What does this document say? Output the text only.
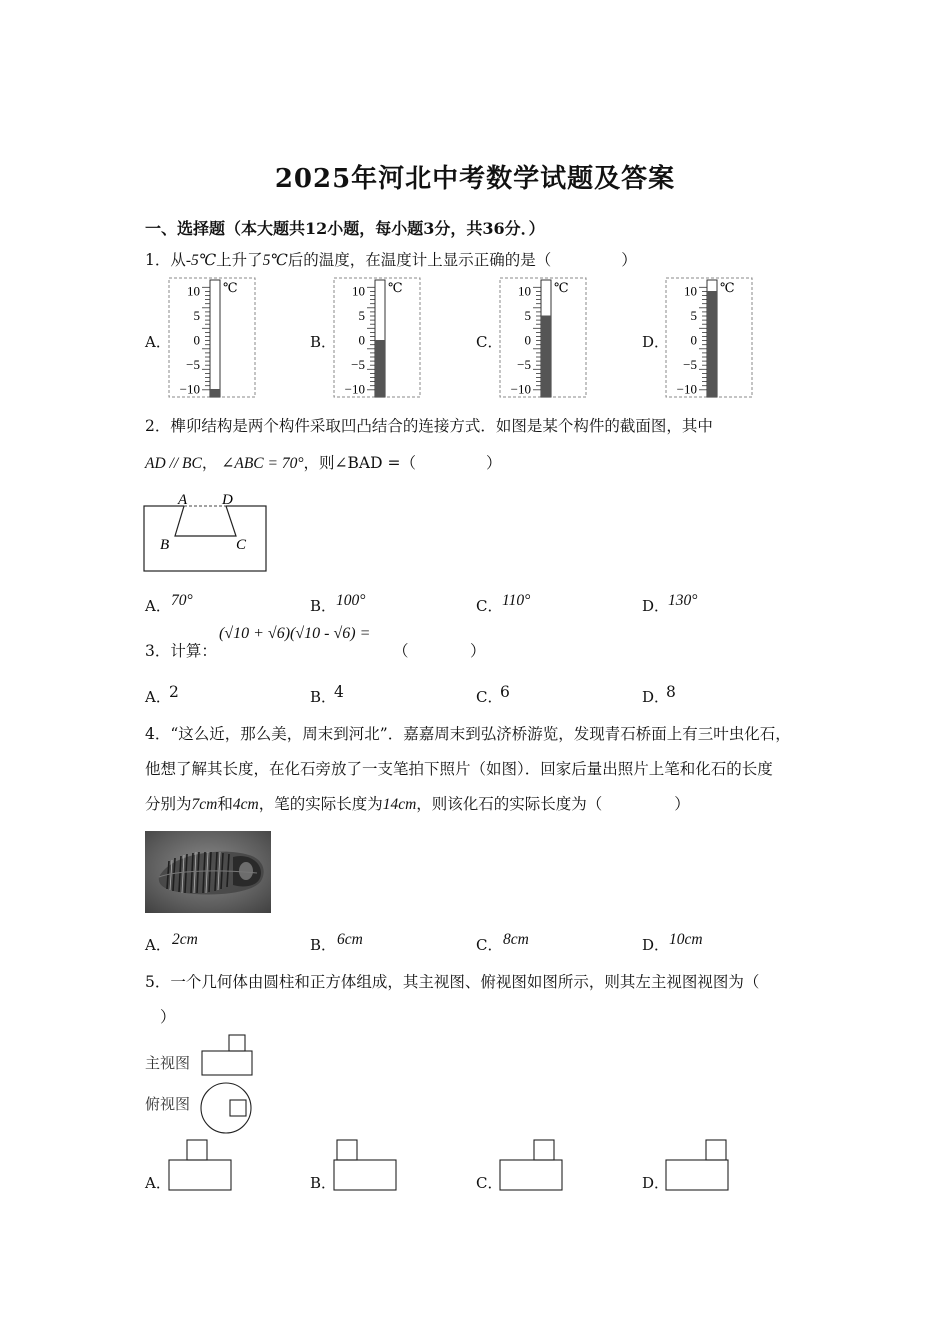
2025年河北中考数学试题及答案
一、选择题（本大题共12小题，每小题3分，共36分．）
1．从-5℃上升了5℃后的温度，在温度计上显示正确的是（	）
A．
10
5
0
−5
−10
℃
B．
10
5
0
−5
−10
℃
C．
10
5
0
−5
−10
℃
D．
10
5
0
−5
−10
℃
2．榫卯结构是两个构件采取凹凸结合的连接方式．如图是某个构件的截面图，其中
AD // BC， ∠ABC = 70°，则∠BAD =（	）
A D
B	C
A． 70°	B． 100°	C． 110°	D．
130°
3．计算：
(√10 + √6)(√10 - √6) =
（	）
A．
2	B．
4	C．
6	D．
8
4．“这么近，那么美，周末到河北”．嘉嘉周末到弘济桥游览，发现青石桥面上有三叶虫化石，
他想了解其长度，在化石旁放了一支笔拍下照片（如图）．回家后量出照片上笔和化石的长度
分别为7cm和4cm，笔的实际长度为14cm，则该化石的实际长度为（	）
A． 2cm	B． 6cm	C． 8cm	D． 10cm
5．一个几何体由圆柱和正方体组成，其主视图、俯视图如图所示，则其左主视图视图为（
）
主视图
俯视图
A．	B．	C．	D．
